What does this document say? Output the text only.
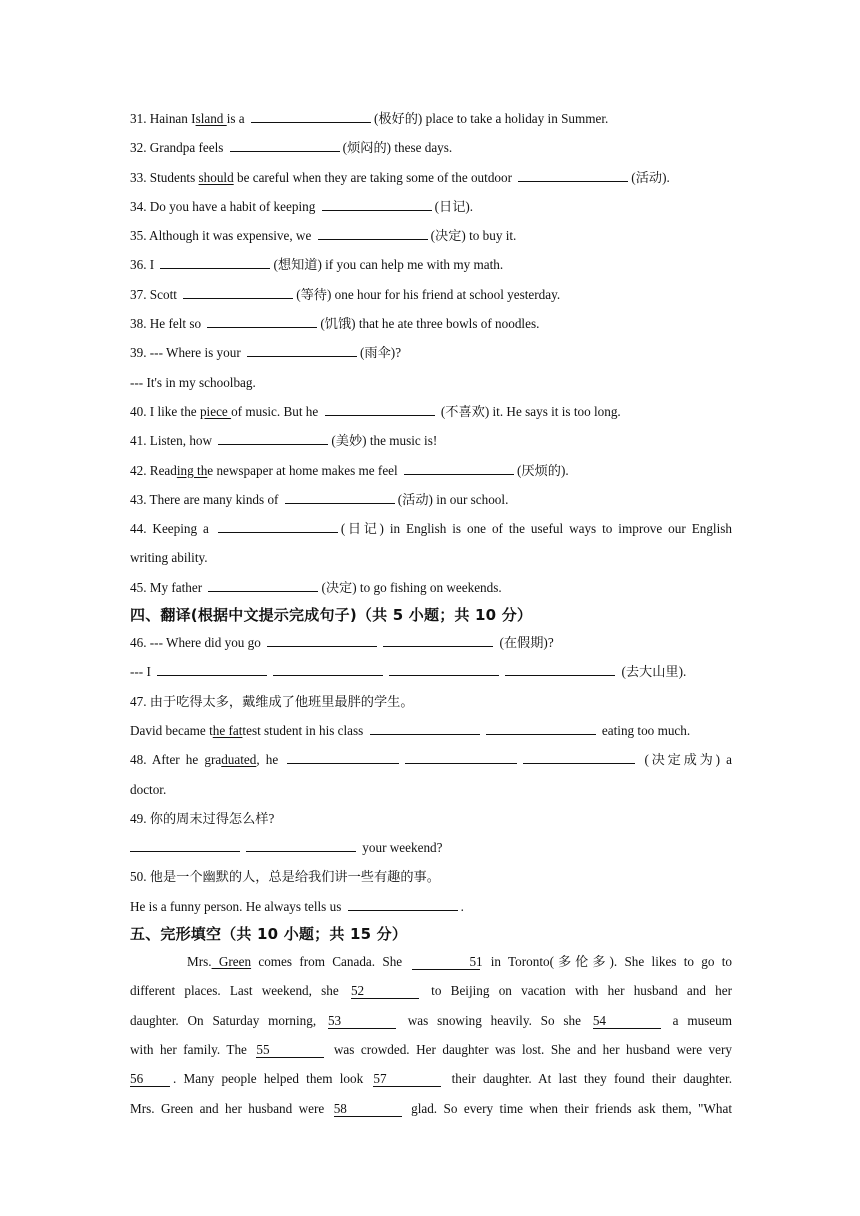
31. Hainan Island is a	(极好的) place to take a holiday in Summer.
32. Grandpa feels	(烦闷的) these days.
33. Students should be careful when they are taking some of the outdoor	(活动).
34. Do you have a habit of keeping	(日记).
35. Although it was expensive, we	(决定) to buy it.
36. I	(想知道) if you can help me with my math.
37. Scott	(等待) one hour for his friend at school yesterday.
38. He felt so	(饥饿) that he ate three bowls of noodles.
39. --- Where is your	(雨伞)?
--- It's in my schoolbag.
40. I like the piece of music. But he	(不喜欢) it. He says it is too long.
41. Listen, how	(美妙) the music is!
42. Reading the newspaper at home makes me feel	(厌烦的).
43. There are many kinds of	(活动) in our school.
44. Keeping a	(日记) in English is one of the useful ways to improve our English
writing ability.
45. My father	(决定) to go fishing on weekends.
四、翻译(根据中文提示完成句子)（共 5 小题；共 10 分）
46. --- Where did you go	(在假期)?
--- I	(去大山里).
47. 由于吃得太多，戴维成了他班里最胖的学生。
David became the fattest student in his class	eating too much.
48. After he graduated, he	(决定成为) a
doctor.
49. 你的周末过得怎么样?
your weekend?
50. 他是一个幽默的人，总是给我们讲一些有趣的事。
He is a funny person. He always tells us	.
五、完形填空（共 10 小题；共 15 分）
Mrs. Green comes from Canada. She	51 in Toronto(多伦多). She likes to go to
different places. Last weekend, she 52	to Beijing on vacation with her husband and her
daughter. On Saturday morning, 53	was snowing heavily. So she 54	a museum
with her family. The 55	was crowded. Her daughter was lost. She and her husband were very
56 . Many people helped them look 57	their daughter. At last they found their daughter.
Mrs. Green and her husband were 58	glad. So every time when their friends ask them, "What
